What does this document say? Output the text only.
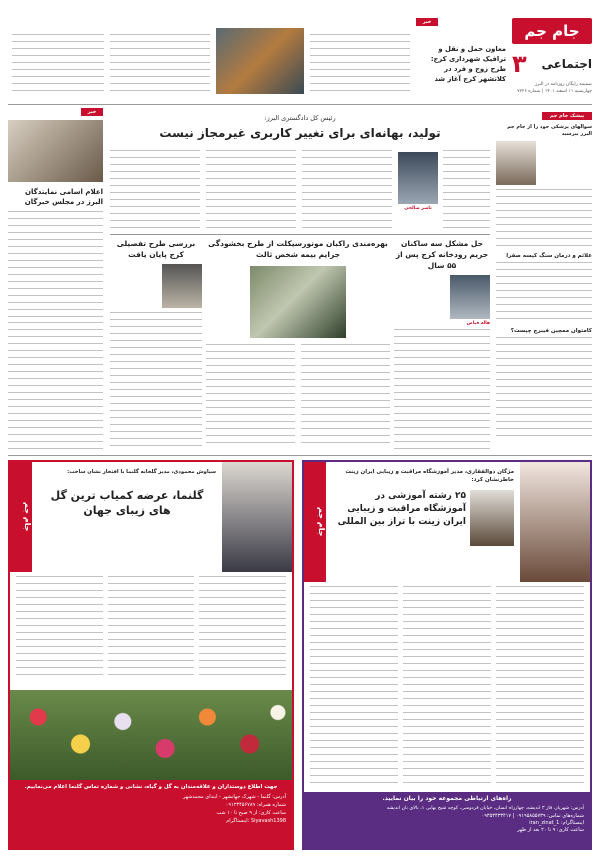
جام جم
اجتماعی
۳
ضمیمه رایگان روزنامه در البرز
چهارشنبه ۱۱ اسفند ۱۴۰۱ | شماره ۷۲۲۶
خبر
معاون حمل و نقل و ترافیک شهرداری کرج: طرح زوج و فرد در کلانشهر کرج آغاز شد
خبر
اعلام اسامی نمایندگان البرز در مجلس خبرگان
رئیس کل دادگستری البرز:
تولید، بهانه‌ای برای تغییر کاربری غیرمجاز نیست
پیشک جام جم
سوالهای پزشکی خود را از جام جم البرز بپرسید
علائم و درمان سنگ کیسه صفرا
کامتوان ممچین فیبرچ چیست؟
ناصر صالحی
حل مشکل سه ساکنان حریم رودخانه کرج پس از ۵۵ سال
هاله فیاض
بهره‌مندی راکبان موتورسیکلت از طرح بخشودگی جرایم بیمه شخص ثالث
بررسی طرح تفصیلی کرج پایان یافت
مژگان ذوالفقاری، مدیر آموزشگاه مراقبت و زیبایی ایران زینت خاطرنشان کرد:
۲۵ رشته آموزشی در آموزشگاه مراقبت و زیبایی ایران زینت با تراز بین المللی
جام جم
راه‌های ارتباطی مجموعه خود را بیان نمایید.
آدرس: شهریار، فاز ۳ اندیشه، چهارراه انسان، خیابان فردوسی، کوچه شیخ بهایی ۱، بالای نان اندیشه
شماره‌های تماس: ۰۹۱۹۵۸۵۵۷۳۹ | ۰۹۳۵۳۴۳۳۴۱۷
اینستاگرام: iran_zinat_1
ساعت کاری: ۹ تا ۲۰ بعد از ظهر
سیاوش محمودی، مدیر گلخانه گلنما با افتخار نشان ساخت:
گلنما، عرضه کمیاب ترین گل های زیبای جهان
جام جم
جهت اطلاع دوستداران و علاقه‌مندان به گل و گیاه، نشانی و شماره تماس گلنما اعلام می‌نماییم.
آدرس: گلنما - شهرک جهانشهر - ابتدای محمدشهر
شماره همراه: ۰۹۱۲۳۴۵۶۷۸۹
ساعت کاری: از ۹ صبح تا ۱۰ شب
Siyavash1398 :اینستاگرام
